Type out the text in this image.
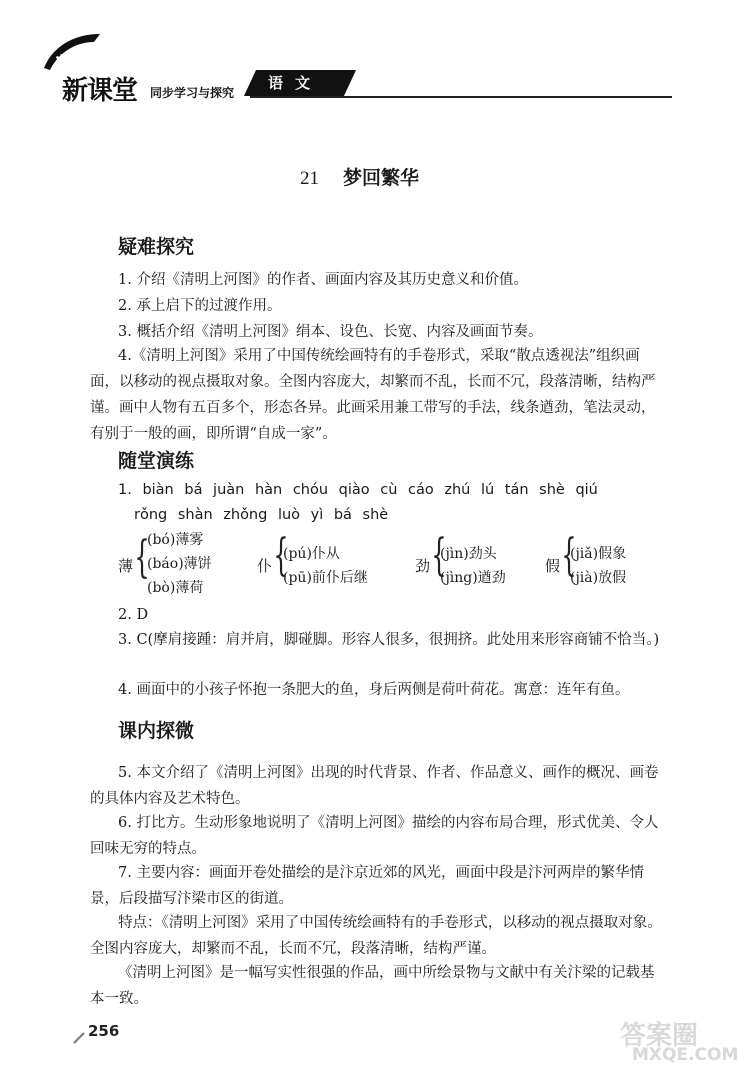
NEW
新课堂 同步学习与探究
语文
21 梦回繁华
疑难探究
1. 介绍《清明上河图》的作者、画面内容及其历史意义和价值。
2. 承上启下的过渡作用。
3. 概括介绍《清明上河图》绢本、设色、长宽、内容及画面节奏。
4.《清明上河图》采用了中国传统绘画特有的手卷形式，采取“散点透视法”组织画面，以移动的视点摄取对象。全图内容庞大，却繁而不乱，长而不冗，段落清晰，结构严谨。画中人物有五百多个，形态各异。此画采用兼工带写的手法，线条遒劲，笔法灵动，有别于一般的画，即所谓“自成一家”。
随堂演练
1. biàn bá juàn hàn chóu qiào cù cáo zhú lú tán shè qiú
rǒng shàn zhǒng luò yì bá shè
薄 {
(bó)薄雾
(báo)薄饼
(bò)薄荷
仆 {
(pú)仆从
(pū)前仆后继
劲 {
(jìn)劲头
(jìng)遒劲
假 {
(jiǎ)假象
(jià)放假
2. D
3. C(摩肩接踵：肩并肩，脚碰脚。形容人很多，很拥挤。此处用来形容商铺不恰当。)
4. 画面中的小孩子怀抱一条肥大的鱼，身后两侧是荷叶荷花。寓意：连年有鱼。
课内探微
5. 本文介绍了《清明上河图》出现的时代背景、作者、作品意义、画作的概况、画卷的具体内容及艺术特色。
6. 打比方。生动形象地说明了《清明上河图》描绘的内容布局合理，形式优美、令人回味无穷的特点。
7. 主要内容：画面开卷处描绘的是汴京近郊的风光，画面中段是汴河两岸的繁华情景，后段描写汴梁市区的街道。
特点：《清明上河图》采用了中国传统绘画特有的手卷形式，以移动的视点摄取对象。全图内容庞大，却繁而不乱，长而不冗，段落清晰，结构严谨。
《清明上河图》是一幅写实性很强的作品，画中所绘景物与文献中有关汴梁的记载基本一致。
256	答案圈
MXQE.COM
